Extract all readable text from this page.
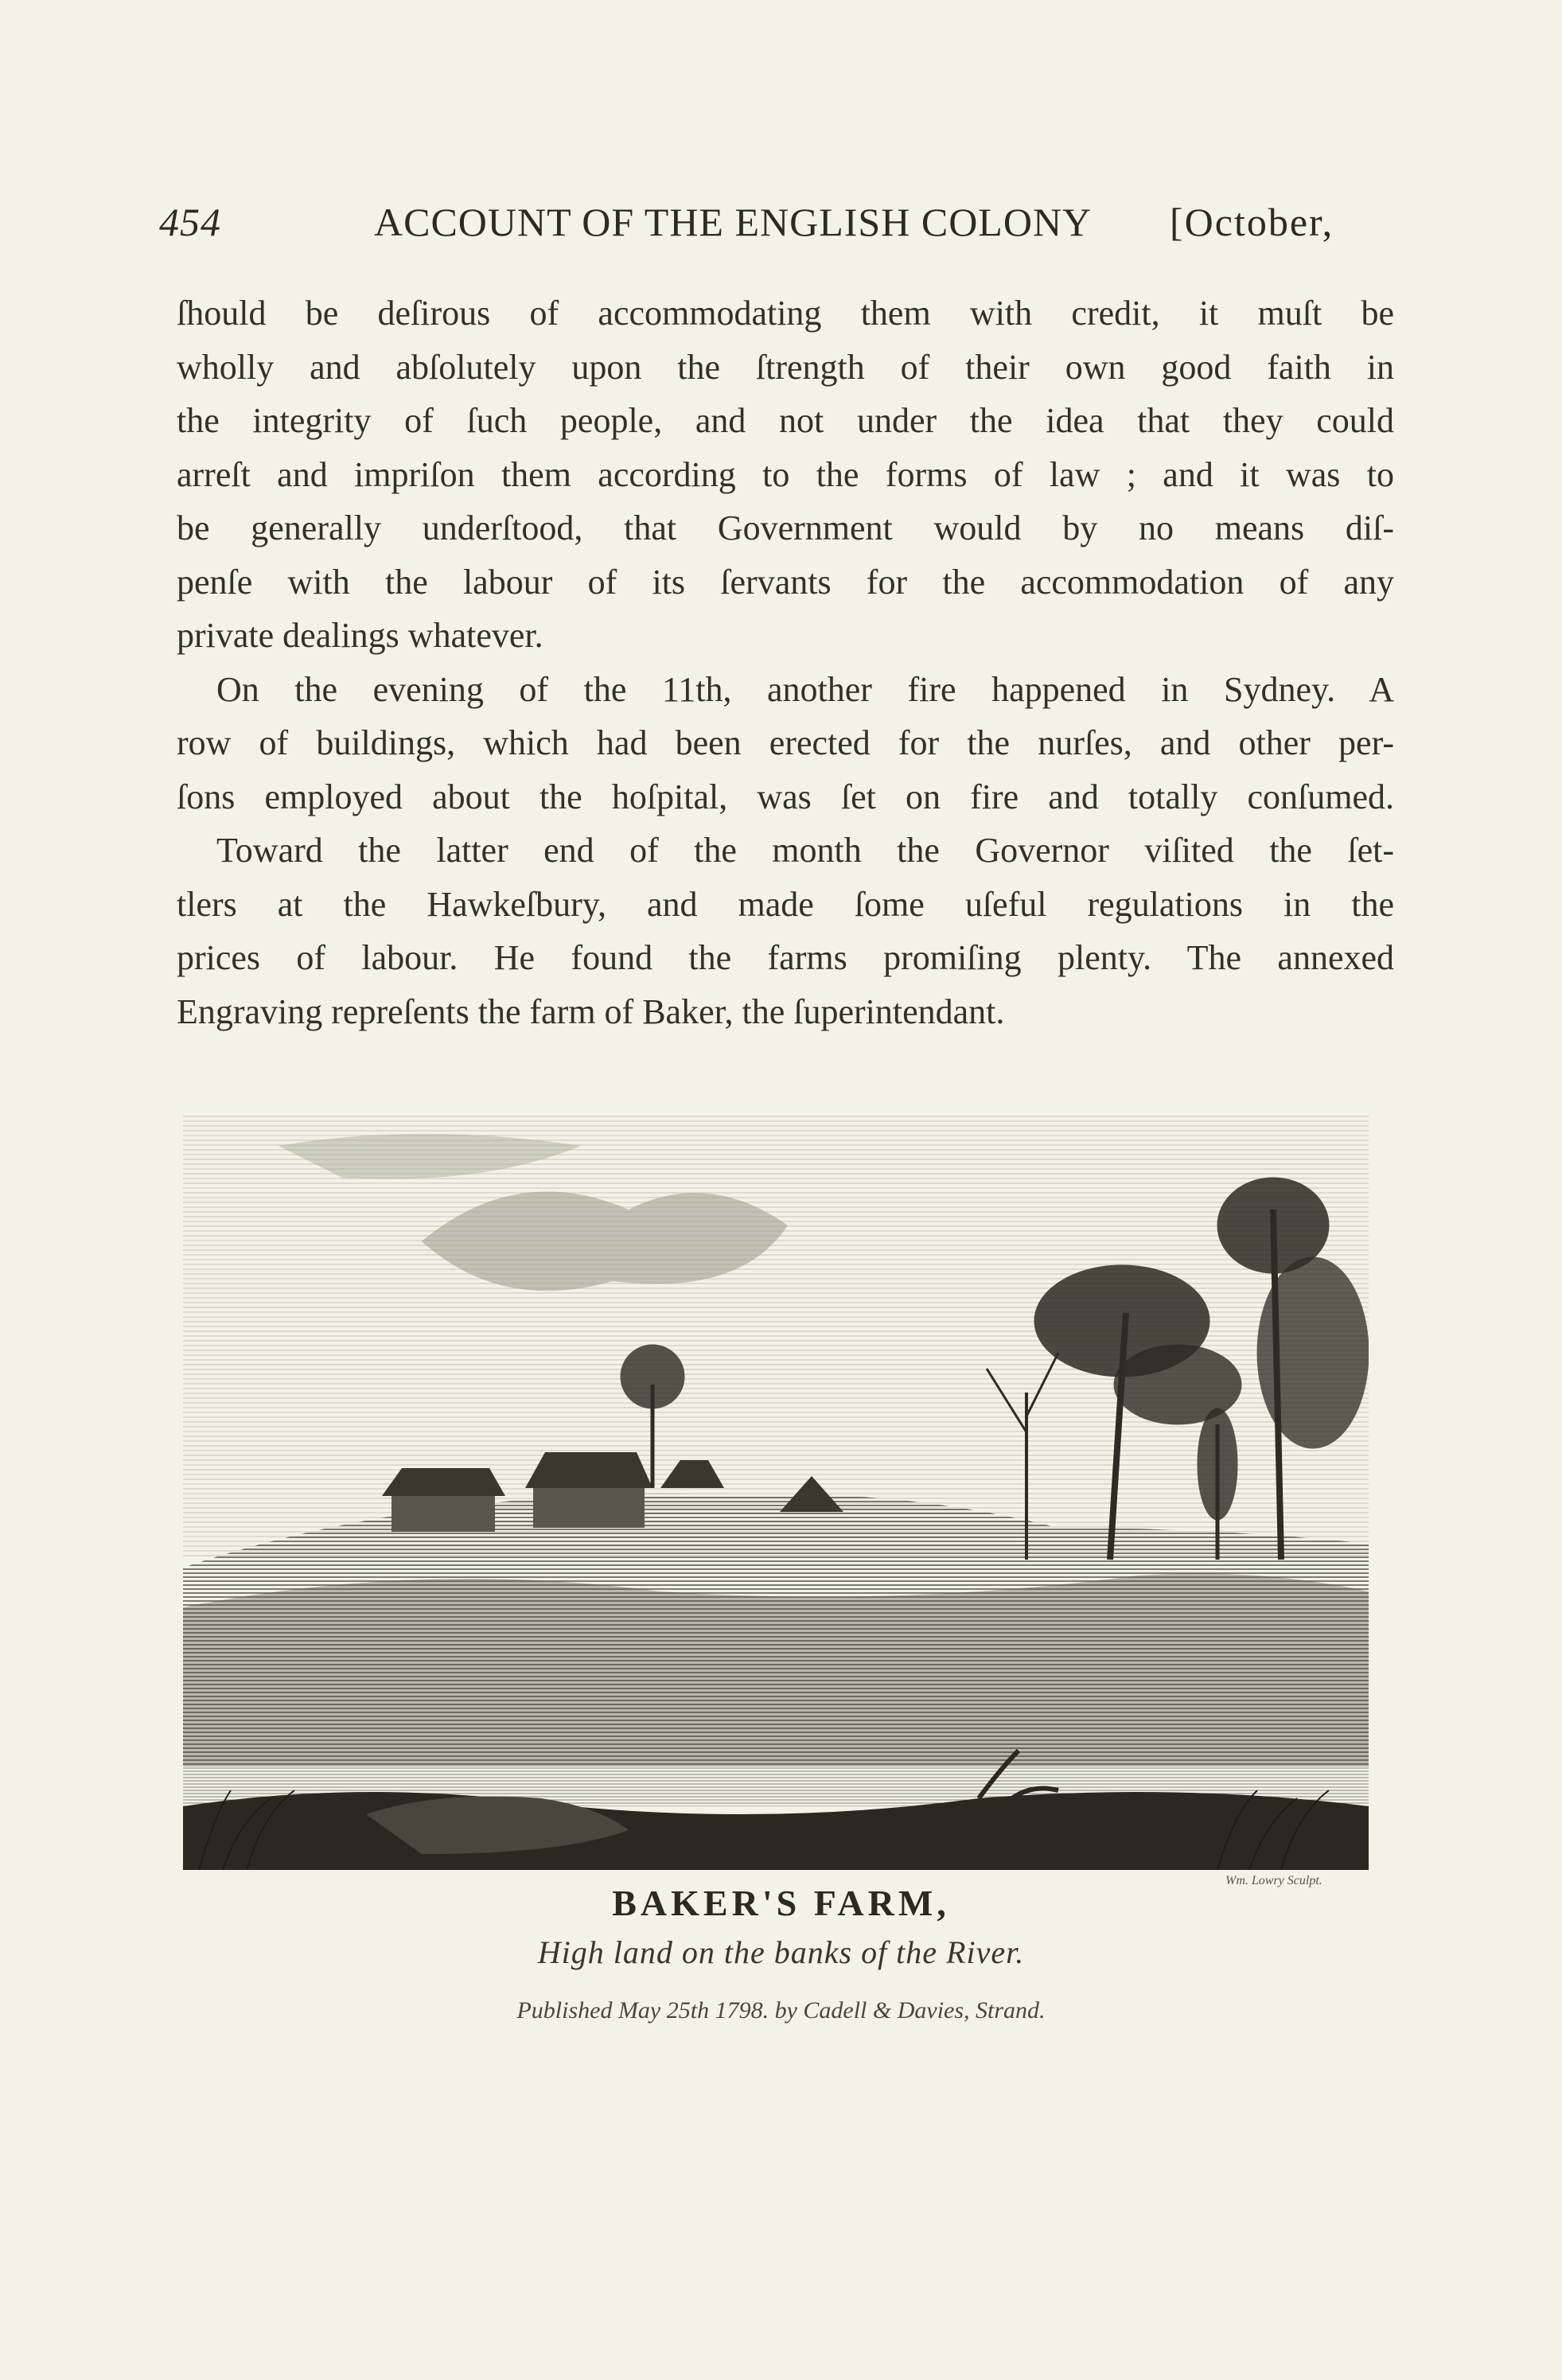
454	ACCOUNT OF THE ENGLISH COLONY [October,

ſhould be deſirous of accommodating them with credit, it muſt be

wholly and abſolutely upon the ſtrength of their own good faith in

the integrity of ſuch people, and not under the idea that they could

arreſt and impriſon them according to the forms of law ; and it was to

be generally underſtood, that Government would by no means diſ-

penſe with the labour of its ſervants for the accommodation of any

private dealings whatever.

On the evening of the 11th, another fire happened in Sydney. A

row of buildings, which had been erected for the nurſes, and other per-

ſons employed about the hoſpital, was ſet on fire and totally conſumed.

Toward the latter end of the month the Governor viſited the ſet-

tlers at the Hawkeſbury, and made ſome uſeful regulations in the

prices of labour. He found the farms promiſing plenty. The annexed

Engraving repreſents the farm of Baker, the ſuperintendant.

Wm. Lowry Sculpt.
BAKER'S FARM,
High land on the banks of the River.
Published May 25th 1798. by Cadell & Davies, Strand.
